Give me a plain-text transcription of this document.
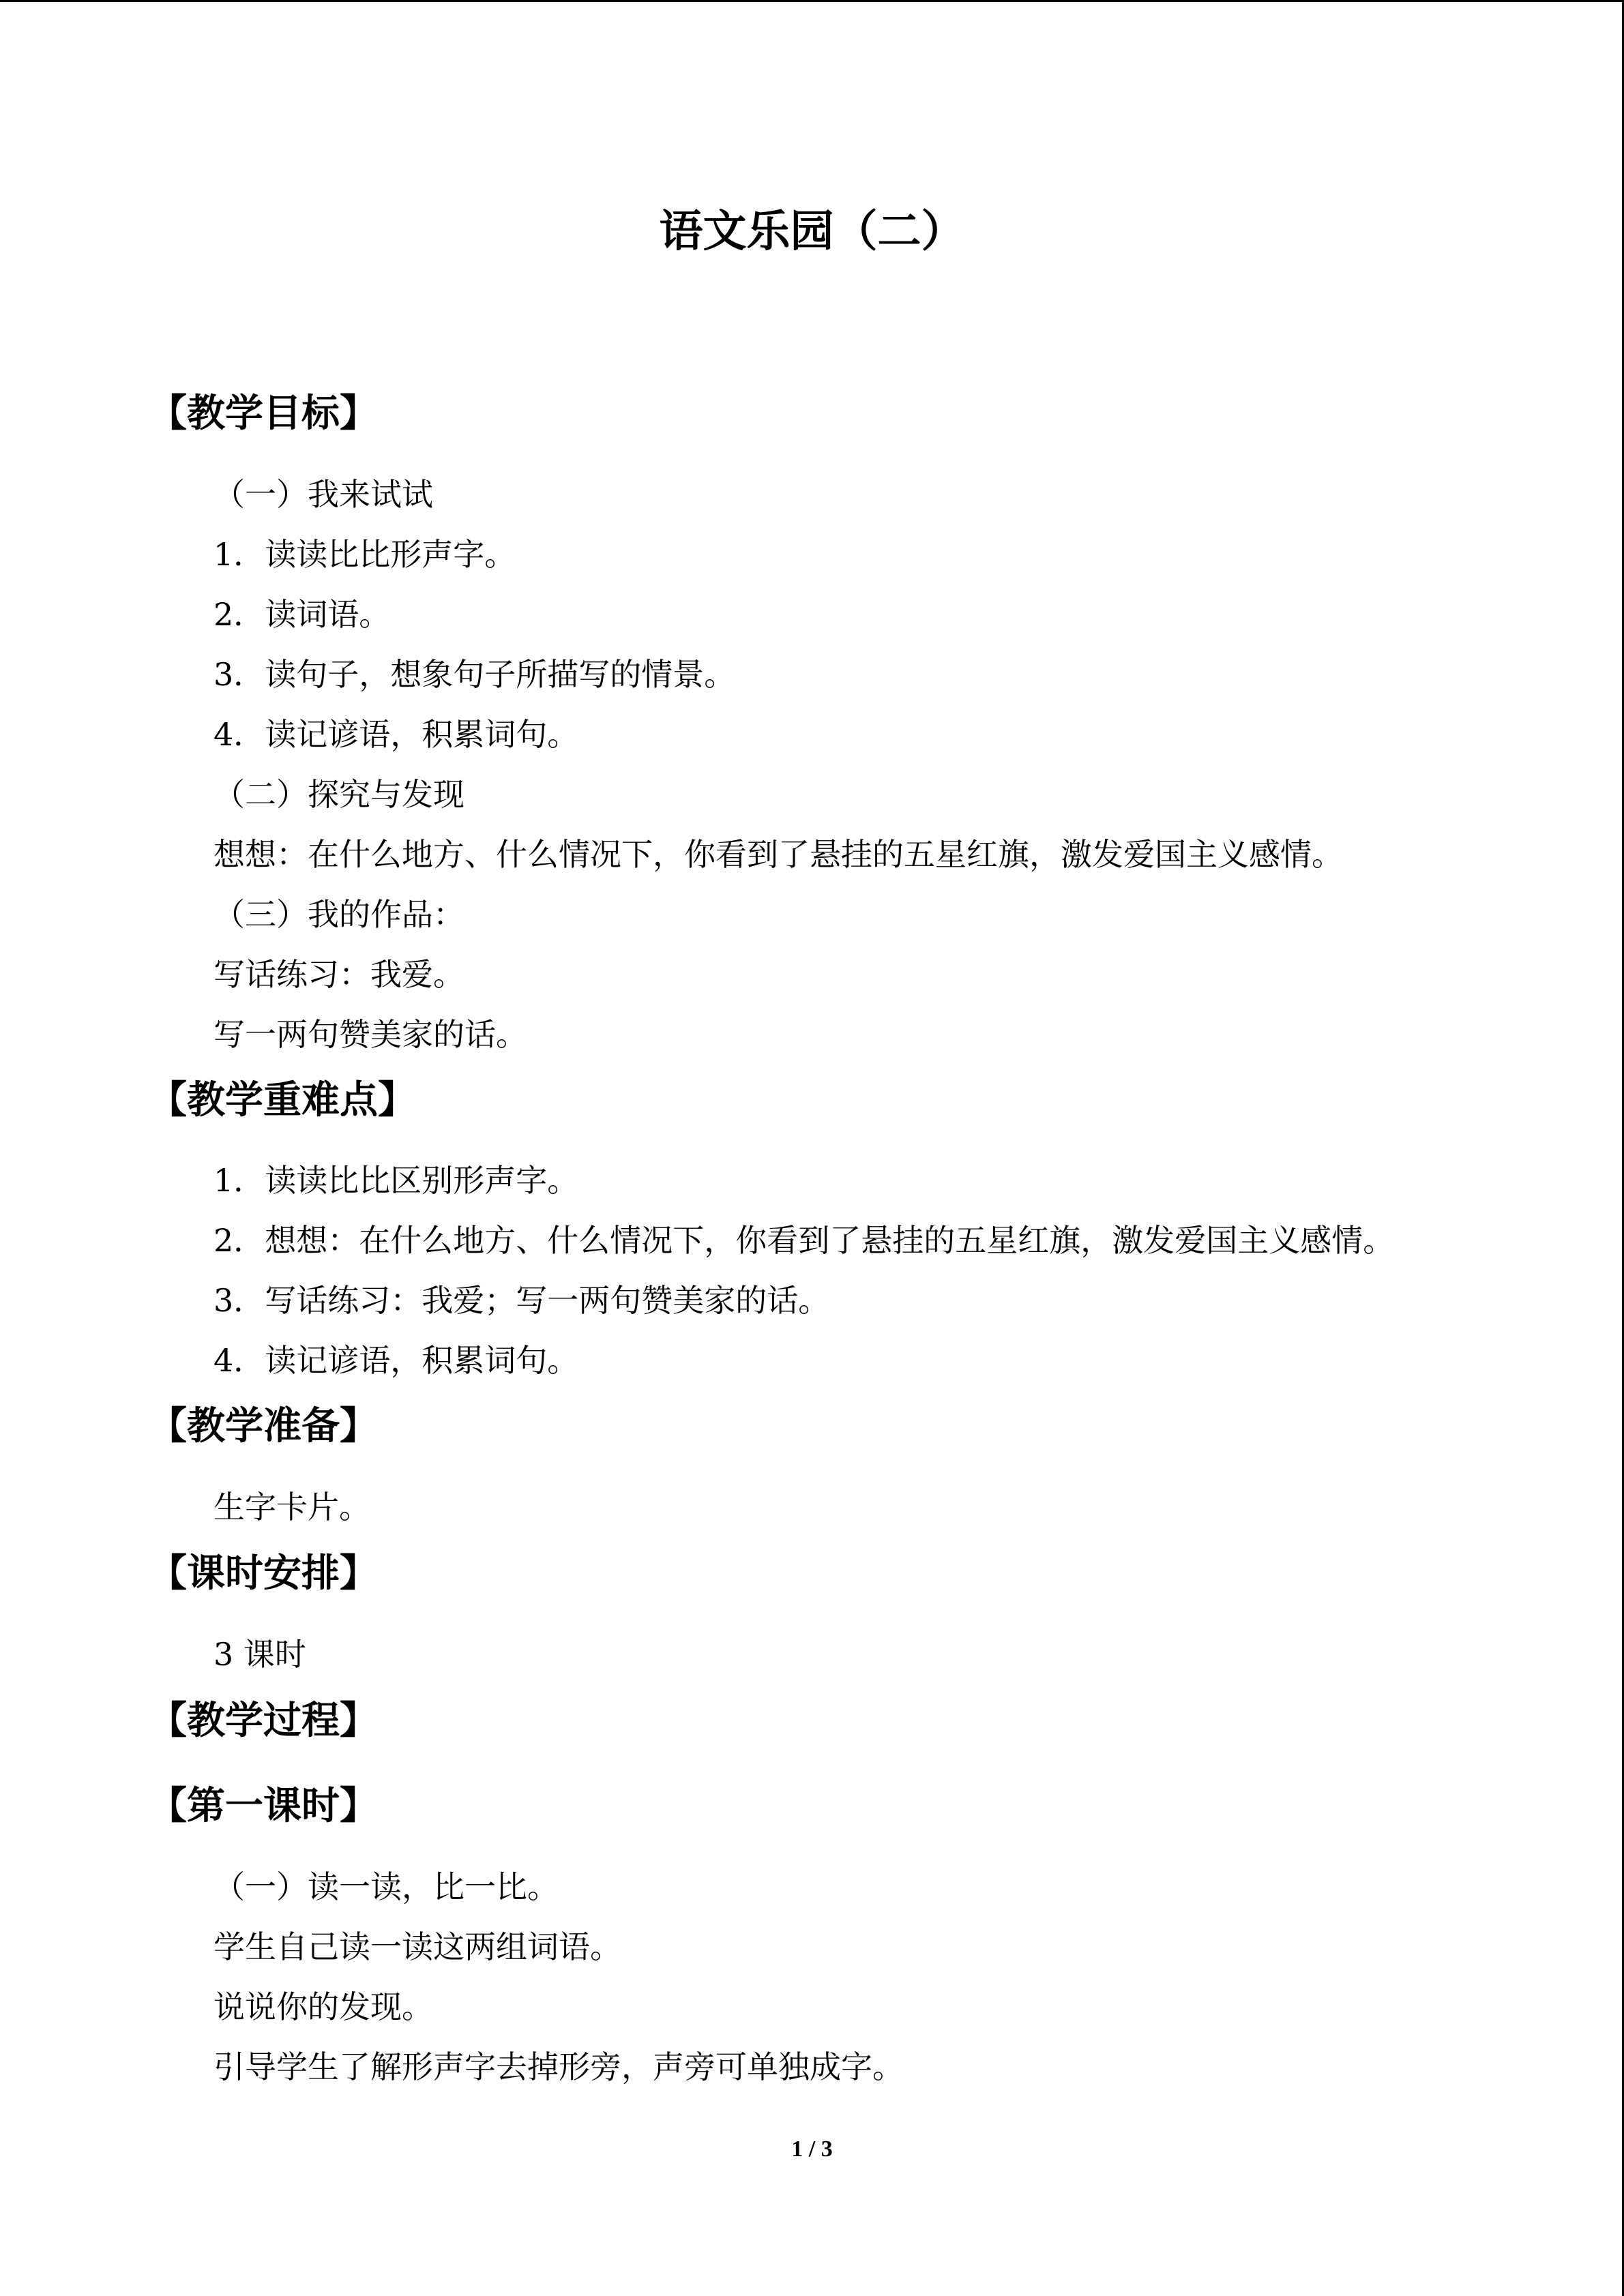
语文乐园（二）
【教学目标】
（一）我来试试
1．读读比比形声字。
2．读词语。
3．读句子，想象句子所描写的情景。
4．读记谚语，积累词句。
（二）探究与发现
想想：在什么地方、什么情况下，你看到了悬挂的五星红旗，激发爱国主义感情。
（三）我的作品：
写话练习：我爱。
写一两句赞美家的话。
【教学重难点】
1．读读比比区别形声字。
2．想想：在什么地方、什么情况下，你看到了悬挂的五星红旗，激发爱国主义感情。
3．写话练习：我爱；写一两句赞美家的话。
4．读记谚语，积累词句。
【教学准备】
生字卡片。
【课时安排】
3 课时
【教学过程】
【第一课时】
（一）读一读，比一比。
学生自己读一读这两组词语。
说说你的发现。
引导学生了解形声字去掉形旁，声旁可单独成字。
1 / 3
